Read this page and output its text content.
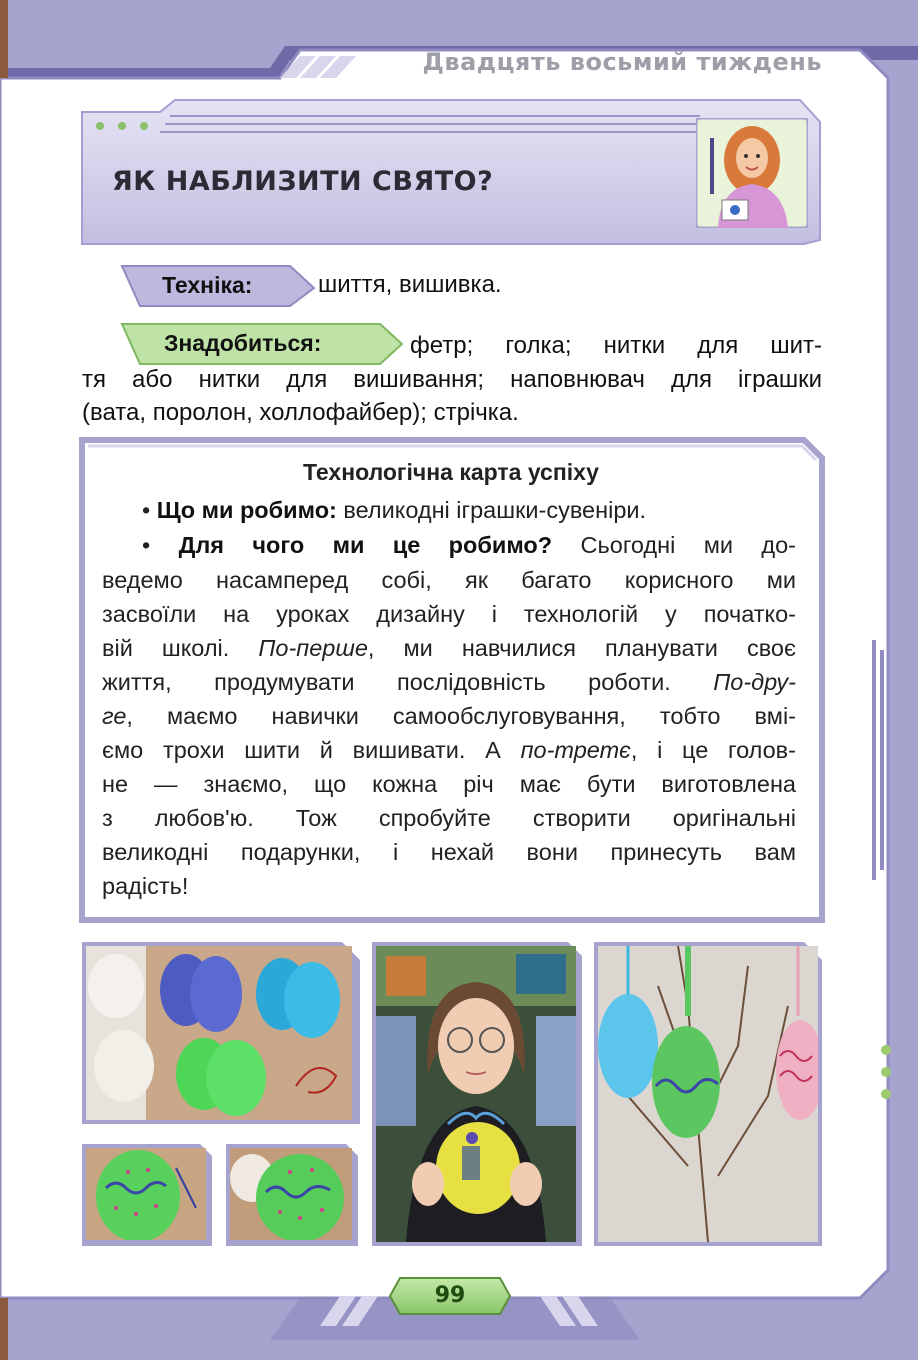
Двадцять восьмий тиждень
ЯК НАБЛИЗИТИ СВЯТО?
Техніка:	шиття, вишивка.
Знадобиться:	фетр; голка; нитки для шит-

тя або нитки для вишивання; наповнювач для іграшки

(вата, поролон, холлофайбер); стрічка.

Технологічна карта успіху

• Що ми робимо: великодні іграшки-сувеніри.

• Для чого ми це робимо? Сьогодні ми до-

ведемо насамперед собі, як багато корисного ми

засвоїли на уроках дизайну і технологій у початко-

вій школі. По-перше, ми навчилися планувати своє

життя, продумувати послідовність роботи. По-дру-

ге, маємо навички самообслуговування, тобто вмі-

ємо трохи шити й вишивати. А по-третє, і це голов-

не — знаємо, що кожна річ має бути виготовлена

з любов'ю. Тож спробуйте створити оригінальні

великодні подарунки, і нехай вони принесуть вам

радість!

99
